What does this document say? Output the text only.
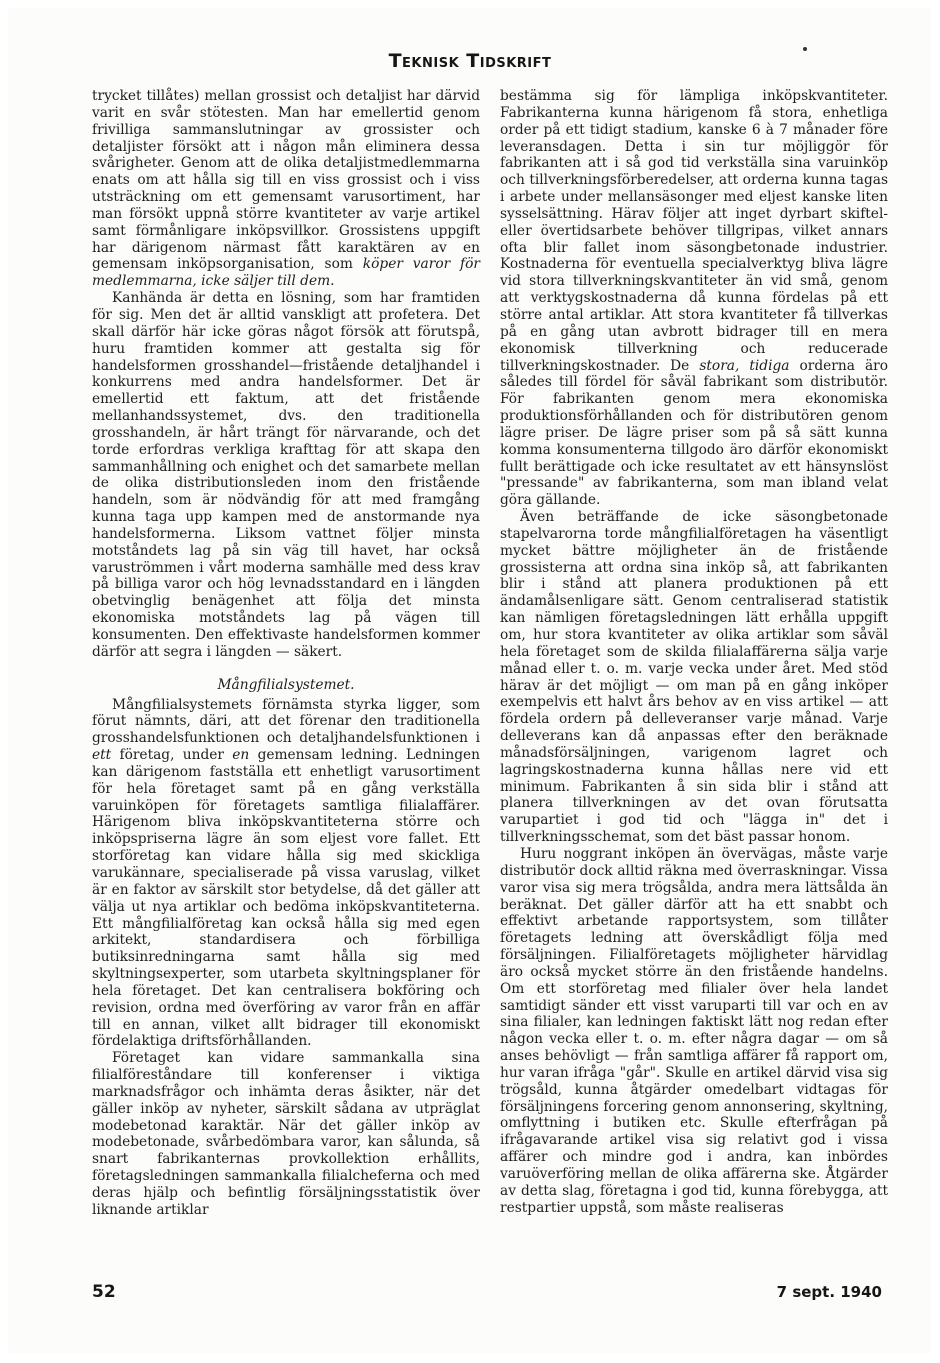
Teknisk Tidskrift

trycket tillåtes) mellan grossist och detaljist har därvid varit en svår stötesten. Man har emellertid genom frivilliga sammanslutningar av grossister och detaljister försökt att i någon mån eliminera dessa svårigheter. Genom att de olika detaljistmedlemmarna enats om att hålla sig till en viss grossist och i viss utsträckning om ett gemensamt varusortiment, har man försökt uppnå större kvantiteter av varje artikel samt förmånligare inköpsvillkor. Grossistens uppgift har därigenom närmast fått karaktären av en gemensam inköpsorganisation, som köper varor för medlemmarna, icke säljer till dem.

Kanhända är detta en lösning, som har framtiden för sig. Men det är alltid vanskligt att profetera. Det skall därför här icke göras något försök att förutspå, huru framtiden kommer att gestalta sig för handelsformen grosshandel—fristående detaljhandel i konkurrens med andra handelsformer. Det är emellertid ett faktum, att det fristående mellanhandssystemet, dvs. den traditionella grosshandeln, är hårt trängt för närvarande, och det torde erfordras verkliga krafttag för att skapa den sammanhållning och enighet och det samarbete mellan de olika distributionsleden inom den fristående handeln, som är nödvändig för att med framgång kunna taga upp kampen med de anstormande nya handelsformerna. Liksom vattnet följer minsta motståndets lag på sin väg till havet, har också varuströmmen i vårt moderna samhälle med dess krav på billiga varor och hög levnadsstandard en i längden obetvinglig benägenhet att följa det minsta ekonomiska motståndets lag på vägen till konsumenten. Den effektivaste handelsformen kommer därför att segra i längden — säkert.

Mångfilialsystemet.

Mångfilialsystemets förnämsta styrka ligger, som förut nämnts, däri, att det förenar den traditionella grosshandelsfunktionen och detaljhandelsfunktionen i ett företag, under en gemensam ledning. Ledningen kan därigenom fastställa ett enhetligt varusortiment för hela företaget samt på en gång verkställa varuinköpen för företagets samtliga filialaffärer. Härigenom bliva inköpskvantiteterna större och inköpspriserna lägre än som eljest vore fallet. Ett storföretag kan vidare hålla sig med skickliga varukännare, specialiserade på vissa varuslag, vilket är en faktor av särskilt stor betydelse, då det gäller att välja ut nya artiklar och bedöma inköpskvantiteterna. Ett mångfilialföretag kan också hålla sig med egen arkitekt, standardisera och förbilliga butiksinredningarna samt hålla sig med skyltningsexperter, som utarbeta skyltningsplaner för hela företaget. Det kan centralisera bokföring och revision, ordna med överföring av varor från en affär till en annan, vilket allt bidrager till ekonomiskt fördelaktiga driftsförhållanden.

Företaget kan vidare sammankalla sina filialföreståndare till konferenser i viktiga marknadsfrågor och inhämta deras åsikter, när det gäller inköp av nyheter, särskilt sådana av utpräglat modebetonad karaktär. När det gäller inköp av modebetonade, svårbedömbara varor, kan sålunda, så snart fabrikanternas provkollektion erhållits, företagsledningen sammankalla filialcheferna och med deras hjälp och befintlig försäljningsstatistik över liknande artiklar

bestämma sig för lämpliga inköpskvantiteter. Fabrikanterna kunna härigenom få stora, enhetliga order på ett tidigt stadium, kanske 6 à 7 månader före leveransdagen. Detta i sin tur möjliggör för fabrikanten att i så god tid verkställa sina varuinköp och tillverkningsförberedelser, att orderna kunna tagas i arbete under mellansäsonger med eljest kanske liten sysselsättning. Härav följer att inget dyrbart skiftel- eller övertidsarbete behöver tillgripas, vilket annars ofta blir fallet inom säsongbetonade industrier. Kostnaderna för eventuella specialverktyg bliva lägre vid stora tillverkningskvantiteter än vid små, genom att verktygskostnaderna då kunna fördelas på ett större antal artiklar. Att stora kvantiteter få tillverkas på en gång utan avbrott bidrager till en mera ekonomisk tillverkning och reducerade tillverkningskostnader. De stora, tidiga orderna äro således till fördel för såväl fabrikant som distributör. För fabrikanten genom mera ekonomiska produktionsförhållanden och för distributören genom lägre priser. De lägre priser som på så sätt kunna komma konsumenterna tillgodo äro därför ekonomiskt fullt berättigade och icke resultatet av ett hänsynslöst "pressande" av fabrikanterna, som man ibland velat göra gällande.

Även beträffande de icke säsongbetonade stapelvarorna torde mångfilialföretagen ha väsentligt mycket bättre möjligheter än de fristående grossisterna att ordna sina inköp så, att fabrikanten blir i stånd att planera produktionen på ett ändamålsenligare sätt. Genom centraliserad statistik kan nämligen företagsledningen lätt erhålla uppgift om, hur stora kvantiteter av olika artiklar som såväl hela företaget som de skilda filialaffärerna sälja varje månad eller t. o. m. varje vecka under året. Med stöd härav är det möjligt — om man på en gång inköper exempelvis ett halvt års behov av en viss artikel — att fördela ordern på delleveranser varje månad. Varje delleverans kan då anpassas efter den beräknade månadsförsäljningen, varigenom lagret och lagringskostnaderna kunna hållas nere vid ett minimum. Fabrikanten å sin sida blir i stånd att planera tillverkningen av det ovan förutsatta varupartiet i god tid och "lägga in" det i tillverkningsschemat, som det bäst passar honom.

Huru noggrant inköpen än övervägas, måste varje distributör dock alltid räkna med överraskningar. Vissa varor visa sig mera trögsålda, andra mera lättsålda än beräknat. Det gäller därför att ha ett snabbt och effektivt arbetande rapportsystem, som tillåter företagets ledning att överskådligt följa med försäljningen. Filialföretagets möjligheter härvidlag äro också mycket större än den fristående handelns. Om ett storföretag med filialer över hela landet samtidigt sänder ett visst varuparti till var och en av sina filialer, kan ledningen faktiskt lätt nog redan efter någon vecka eller t. o. m. efter några dagar — om så anses behövligt — från samtliga affärer få rapport om, hur varan ifråga "går". Skulle en artikel därvid visa sig trögsåld, kunna åtgärder omedelbart vidtagas för försäljningens forcering genom annonsering, skyltning, omflyttning i butiken etc. Skulle efterfrågan på ifrågavarande artikel visa sig relativt god i vissa affärer och mindre god i andra, kan inbördes varuöverföring mellan de olika affärerna ske. Åtgärder av detta slag, företagna i god tid, kunna förebygga, att restpartier uppstå, som måste realiseras

52	7 sept. 1940
